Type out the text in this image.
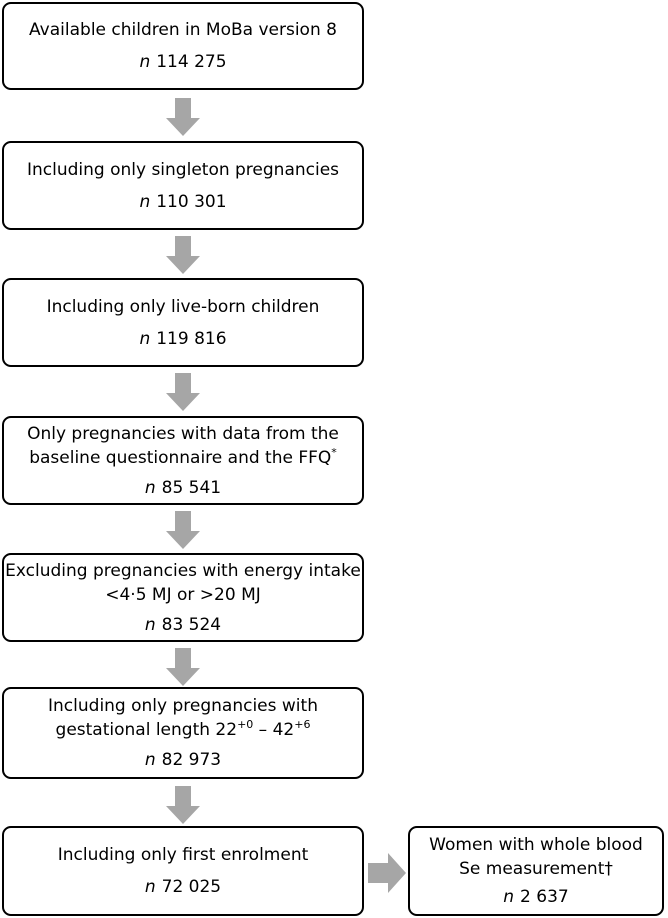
Available children in MoBa version 8
n 114 275
Including only singleton pregnancies
n 110 301
Including only live-born children
n 119 816
Only pregnancies with data from the
baseline questionnaire and the FFQ*
n 85 541
Excluding pregnancies with energy intake
<4·5 MJ or >20 MJ
n 83 524
Including only pregnancies with
gestational length $22^{+0} - 42^{+6}$
n 82 973
Including only first enrolment
n 72 025
Women with whole blood
Se measurement†
n 2 637
